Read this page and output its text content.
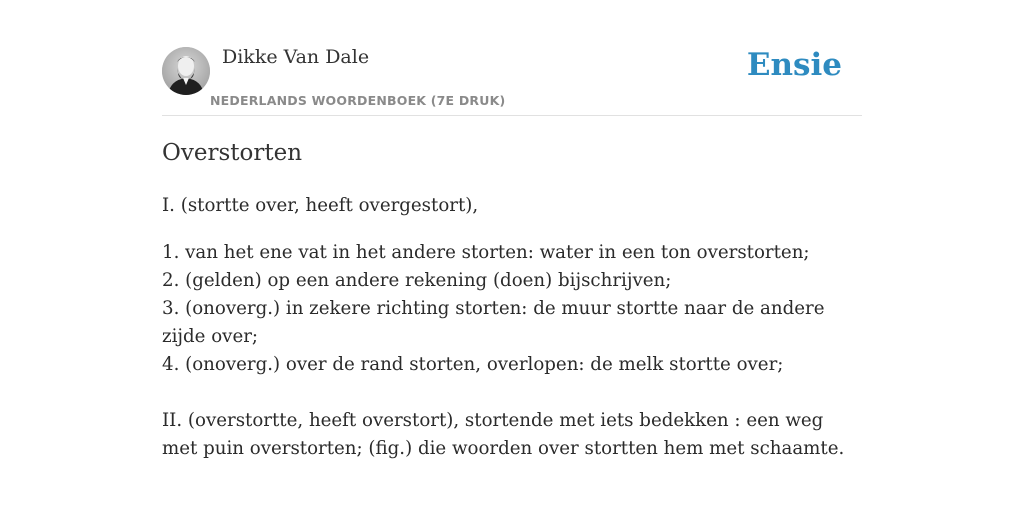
Dikke Van Dale
NEDERLANDS WOORDENBOEK (7E DRUK)
Ensie
Overstorten
I. (stortte over, heeft overgestort),
1. van het ene vat in het andere storten: water in een ton overstorten;
2. (gelden) op een andere rekening (doen) bijschrijven;
3. (onoverg.) in zekere richting storten: de muur stortte naar de andere zijde over;
4. (onoverg.) over de rand storten, overlopen: de melk stortte over;
II. (overstortte, heeft overstort), stortende met iets bedekken : een weg met puin overstorten; (fig.) die woorden over stortten hem met schaamte.
